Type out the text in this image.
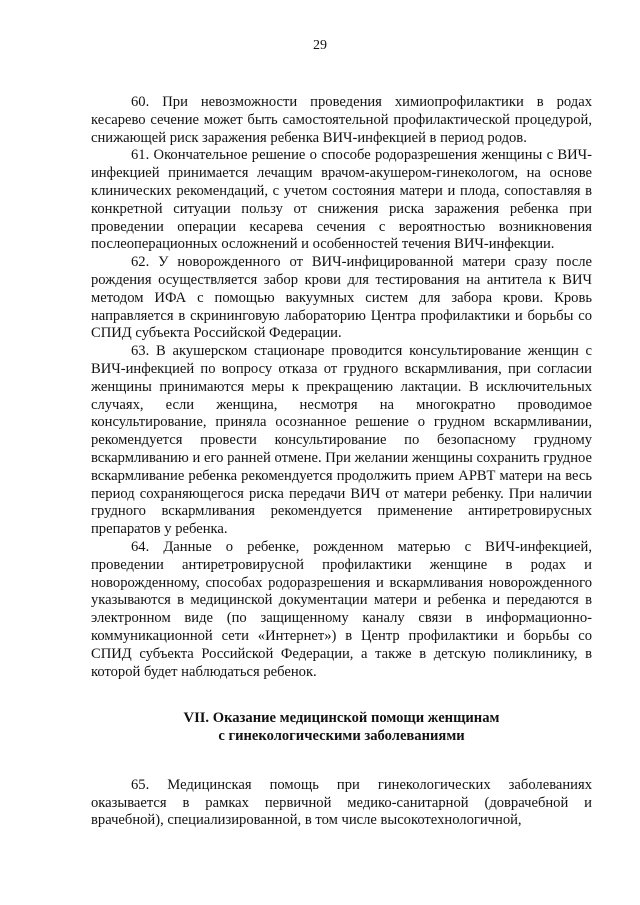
29

60. При невозможности проведения химиопрофилактики в родах кесарево сечение может быть самостоятельной профилактической процедурой, снижающей риск заражения ребенка ВИЧ-инфекцией в период родов.

61. Окончательное решение о способе родоразрешения женщины с ВИЧ-инфекцией принимается лечащим врачом-акушером-гинекологом, на основе клинических рекомендаций, с учетом состояния матери и плода, сопоставляя в конкретной ситуации пользу от снижения риска заражения ребенка при проведении операции кесарева сечения с вероятностью возникновения послеоперационных осложнений и особенностей течения ВИЧ-инфекции.

62. У новорожденного от ВИЧ-инфицированной матери сразу после рождения осуществляется забор крови для тестирования на антитела к ВИЧ методом ИФА с помощью вакуумных систем для забора крови. Кровь направляется в скрининговую лабораторию Центра профилактики и борьбы со СПИД субъекта Российской Федерации.

63. В акушерском стационаре проводится консультирование женщин с ВИЧ-инфекцией по вопросу отказа от грудного вскармливания, при согласии женщины принимаются меры к прекращению лактации. В исключительных случаях, если женщина, несмотря на многократно проводимое консультирование, приняла осознанное решение о грудном вскармливании, рекомендуется провести консультирование по безопасному грудному вскармливанию и его ранней отмене. При желании женщины сохранить грудное вскармливание ребенка рекомендуется продолжить прием АРВТ матери на весь период сохраняющегося риска передачи ВИЧ от матери ребенку. При наличии грудного вскармливания рекомендуется применение антиретровирусных препаратов у ребенка.

64. Данные о ребенке, рожденном матерью с ВИЧ-инфекцией, проведении антиретровирусной профилактики женщине в родах и новорожденному, способах родоразрешения и вскармливания новорожденного указываются в медицинской документации матери и ребенка и передаются в электронном виде (по защищенному каналу связи в информационно-коммуникационной сети «Интернет») в Центр профилактики и борьбы со СПИД субъекта Российской Федерации, а также в детскую поликлинику, в которой будет наблюдаться ребенок.

VII. Оказание медицинской помощи женщинам

с гинекологическими заболеваниями

65. Медицинская помощь при гинекологических заболеваниях оказывается в рамках первичной медико-санитарной (доврачебной и врачебной), специализированной, в том числе высокотехнологичной,
